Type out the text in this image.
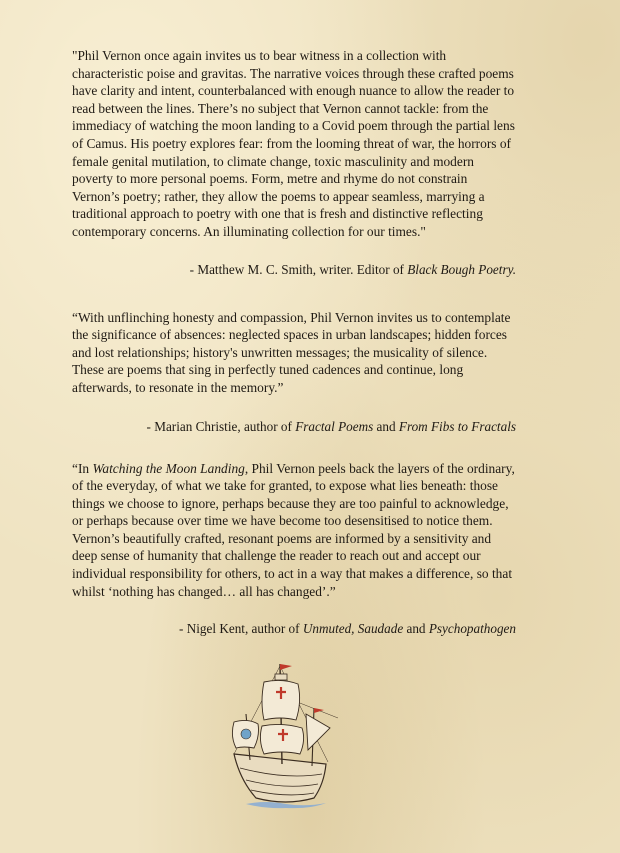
"Phil Vernon once again invites us to bear witness in a collection with characteristic poise and gravitas. The narrative voices through these crafted poems have clarity and intent, counterbalanced with enough nuance to allow the reader to read between the lines. There’s no subject that Vernon cannot tackle: from the immediacy of watching the moon landing to a Covid poem through the partial lens of Camus. His poetry explores fear: from the looming threat of war, the horrors of female genital mutilation, to climate change, toxic masculinity and modern poverty to more personal poems. Form, metre and rhyme do not constrain Vernon’s poetry; rather, they allow the poems to appear seamless, marrying a traditional approach to poetry with one that is fresh and distinctive reflecting contemporary concerns. An illuminating collection for our times."

- Matthew M. C. Smith, writer. Editor of Black Bough Poetry.

“With unflinching honesty and compassion, Phil Vernon invites us to contemplate the significance of absences: neglected spaces in urban landscapes; hidden forces and lost relationships; history's unwritten messages; the musicality of silence. These are poems that sing in perfectly tuned cadences and continue, long afterwards, to resonate in the memory.”

- Marian Christie, author of Fractal Poems and From Fibs to Fractals

“In Watching the Moon Landing, Phil Vernon peels back the layers of the ordinary, of the everyday, of what we take for granted, to expose what lies beneath: those things we choose to ignore, perhaps because they are too painful to acknowledge, or perhaps because over time we have become too desensitised to notice them. Vernon’s beautifully crafted, resonant poems are informed by a sensitivity and deep sense of humanity that challenge the reader to reach out and accept our individual responsibility for others, to act in a way that makes a difference, so that whilst ‘nothing has changed… all has changed’.”

- Nigel Kent, author of Unmuted, Saudade and Psychopathogen
